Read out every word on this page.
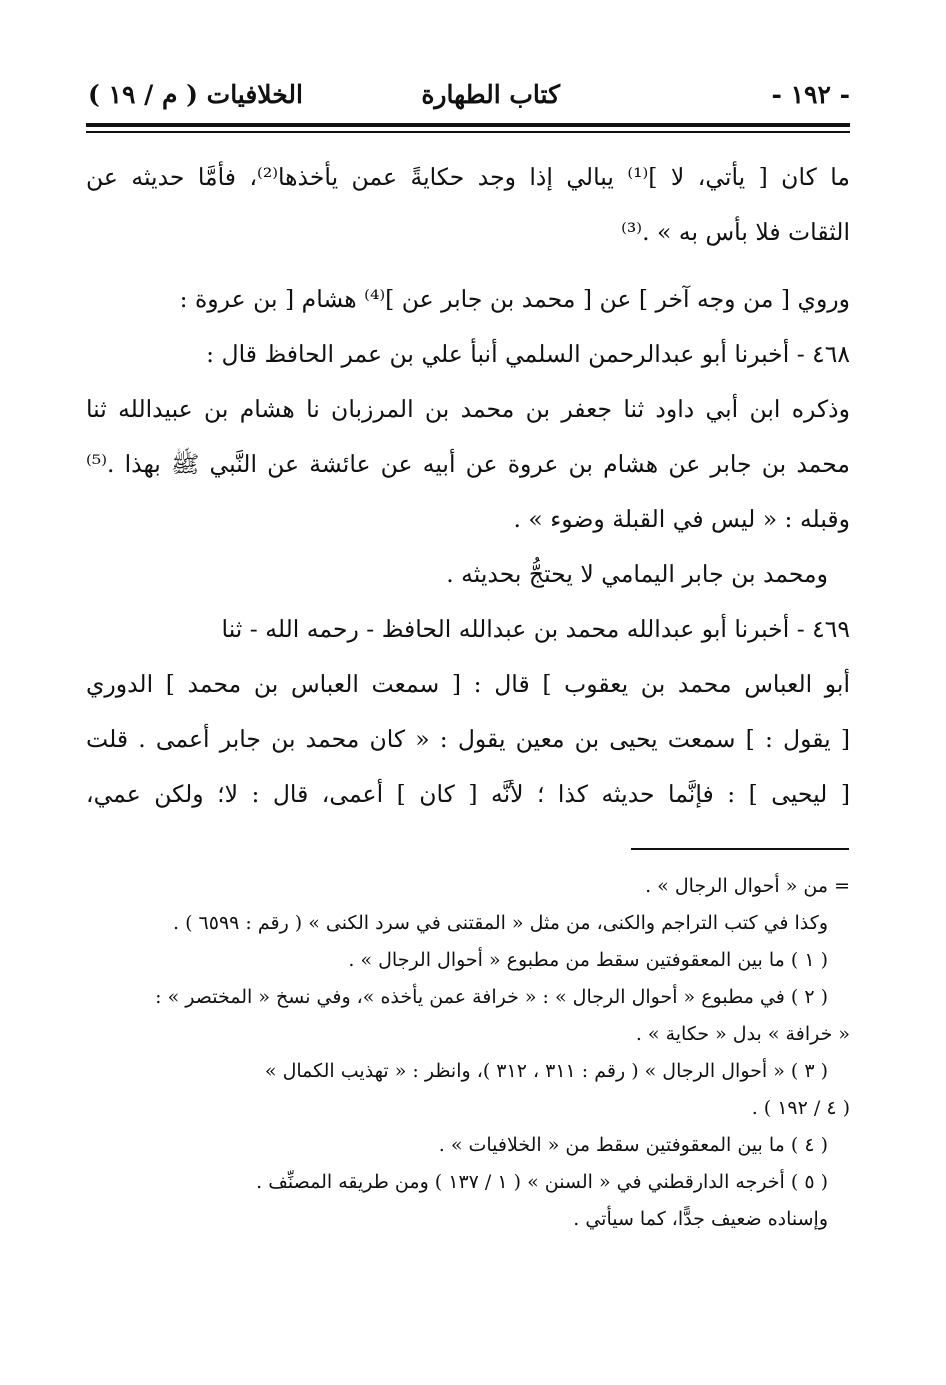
- ١٩٢ -
كتاب الطهارة
الخلافيات ( م / ١٩ )
ما كان [ يأتي، لا ]⁽¹⁾ يبالي إذا وجد حكايةً عمن يأخذها⁽²⁾، فأمَّا حديثه عن
الثقات فلا بأس به » .⁽³⁾
وروي [ من وجه آخر ] عن [ محمد بن جابر عن ]⁽⁴⁾ هشام [ بن عروة :
٤٦٨ - أخبرنا أبو عبدالرحمن السلمي أنبأ علي بن عمر الحافظ قال :
وذكره ابن أبي داود ثنا جعفر بن محمد بن المرزبان نا هشام بن عبيدالله ثنا
محمد بن جابر عن هشام بن عروة عن أبيه عن عائشة عن النَّبي ﷺ بهذا .⁽⁵⁾
وقبله : « ليس في القبلة وضوء » .
ومحمد بن جابر اليمامي لا يحتجُّ بحديثه .
٤٦٩ - أخبرنا أبو عبدالله محمد بن عبدالله الحافظ - رحمه الله - ثنا
أبو العباس محمد بن يعقوب ] قال : [ سمعت العباس بن محمد ] الدوري
[ يقول : ] سمعت يحيى بن معين يقول : « كان محمد بن جابر أعمى . قلت
[ ليحيى ] : فإنَّما حديثه كذا ؛ لأنَّه [ كان ] أعمى، قال : لا؛ ولكن عمي،
= من « أحوال الرجال » .
وكذا في كتب التراجم والكنى، من مثل « المقتنى في سرد الكنى » ( رقم : ٦٥٩٩ ) .
( ١ ) ما بين المعقوفتين سقط من مطبوع « أحوال الرجال » .
( ٢ ) في مطبوع « أحوال الرجال » : « خرافة عمن يأخذه »، وفي نسخ « المختصر » :
« خرافة » بدل « حكاية » .
( ٣ ) « أحوال الرجال » ( رقم : ٣١١ ، ٣١٢ )، وانظر : « تهذيب الكمال »
( ٤ / ١٩٢ ) .
( ٤ ) ما بين المعقوفتين سقط من « الخلافيات » .
( ٥ ) أخرجه الدارقطني في « السنن » ( ١ / ١٣٧ ) ومن طريقه المصنِّف .
وإسناده ضعيف جدًّا، كما سيأتي .
